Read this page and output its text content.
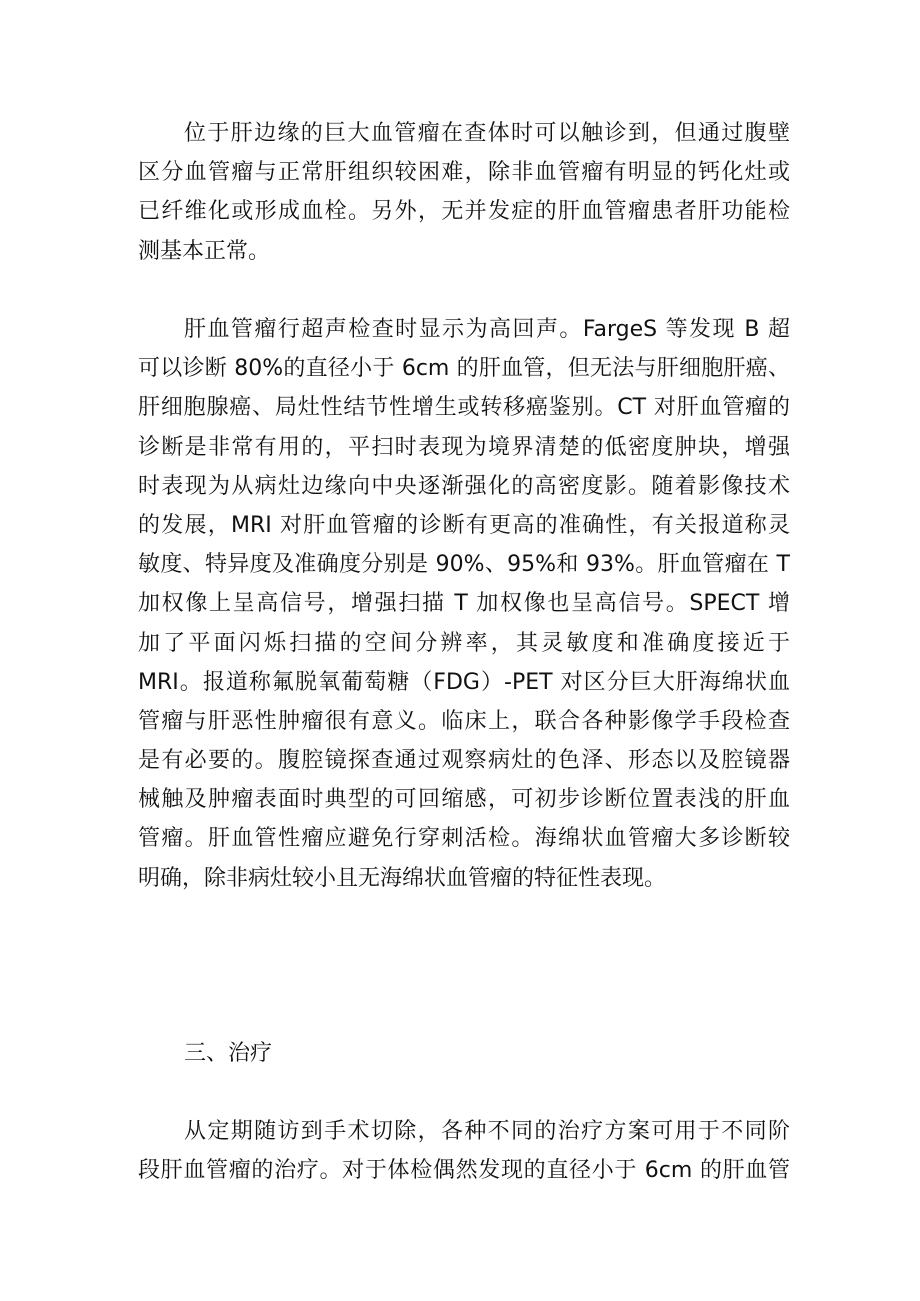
位于肝边缘的巨大血管瘤在查体时可以触诊到，但通过腹壁
区分血管瘤与正常肝组织较困难，除非血管瘤有明显的钙化灶或
已纤维化或形成血栓。另外，无并发症的肝血管瘤患者肝功能检
测基本正常。
肝血管瘤行超声检查时显示为高回声。FargeS 等发现 B 超
可以诊断 80%的直径小于 6cm 的肝血管，但无法与肝细胞肝癌、
肝细胞腺癌、局灶性结节性增生或转移癌鉴别。CT 对肝血管瘤的
诊断是非常有用的，平扫时表现为境界清楚的低密度肿块，增强
时表现为从病灶边缘向中央逐渐强化的高密度影。随着影像技术
的发展，MRI 对肝血管瘤的诊断有更高的准确性，有关报道称灵
敏度、特异度及准确度分别是 90%、95%和 93%。肝血管瘤在 T
加权像上呈高信号，增强扫描 T 加权像也呈高信号。SPECT 增
加了平面闪烁扫描的空间分辨率，其灵敏度和准确度接近于
MRI。报道称氟脱氧葡萄糖（FDG）-PET 对区分巨大肝海绵状血
管瘤与肝恶性肿瘤很有意义。临床上，联合各种影像学手段检查
是有必要的。腹腔镜探查通过观察病灶的色泽、形态以及腔镜器
械触及肿瘤表面时典型的可回缩感，可初步诊断位置表浅的肝血
管瘤。肝血管性瘤应避免行穿刺活检。海绵状血管瘤大多诊断较
明确，除非病灶较小且无海绵状血管瘤的特征性表现。
三、治疗
从定期随访到手术切除，各种不同的治疗方案可用于不同阶
段肝血管瘤的治疗。对于体检偶然发现的直径小于 6cm 的肝血管
